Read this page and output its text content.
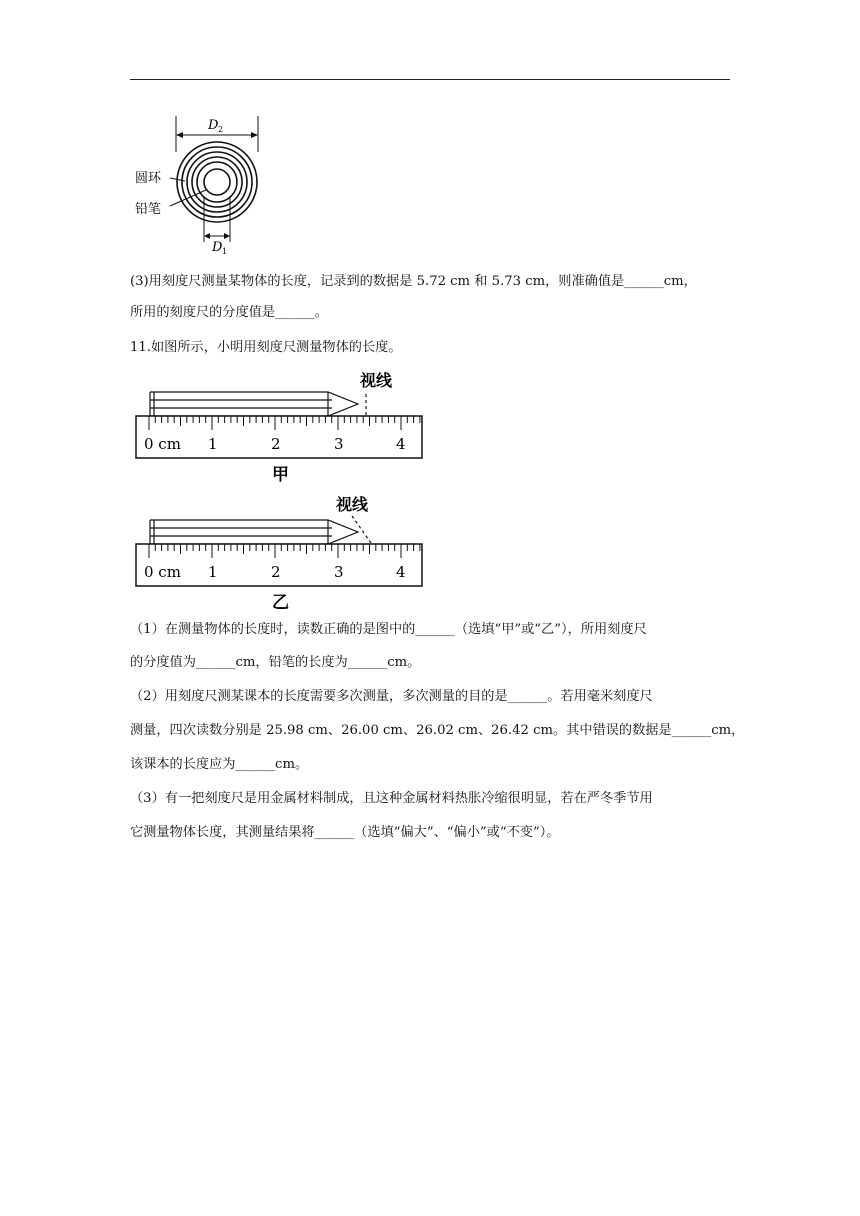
D 2
圆环
铅笔
D 1
(3)用刻度尺测量某物体的长度，记录到的数据是 5.72 cm 和 5.73 cm，则准确值是______cm，
所用的刻度尺的分度值是______。
11.如图所示，小明用刻度尺测量物体的长度。
视线
0 cm 1	2	3	4
甲
视线
0 cm 1	2	3	4
乙
（1）在测量物体的长度时，读数正确的是图中的______（选填“甲”或“乙”），所用刻度尺
的分度值为______cm，铅笔的长度为______cm。
（2）用刻度尺测某课本的长度需要多次测量，多次测量的目的是______。若用毫米刻度尺
测量，四次读数分别是 25.98 cm、26.00 cm、26.02 cm、26.42 cm。其中错误的数据是______cm，
该课本的长度应为______cm。
（3）有一把刻度尺是用金属材料制成，且这种金属材料热胀冷缩很明显，若在严冬季节用
它测量物体长度，其测量结果将______（选填“偏大”、“偏小”或“不变”）。
